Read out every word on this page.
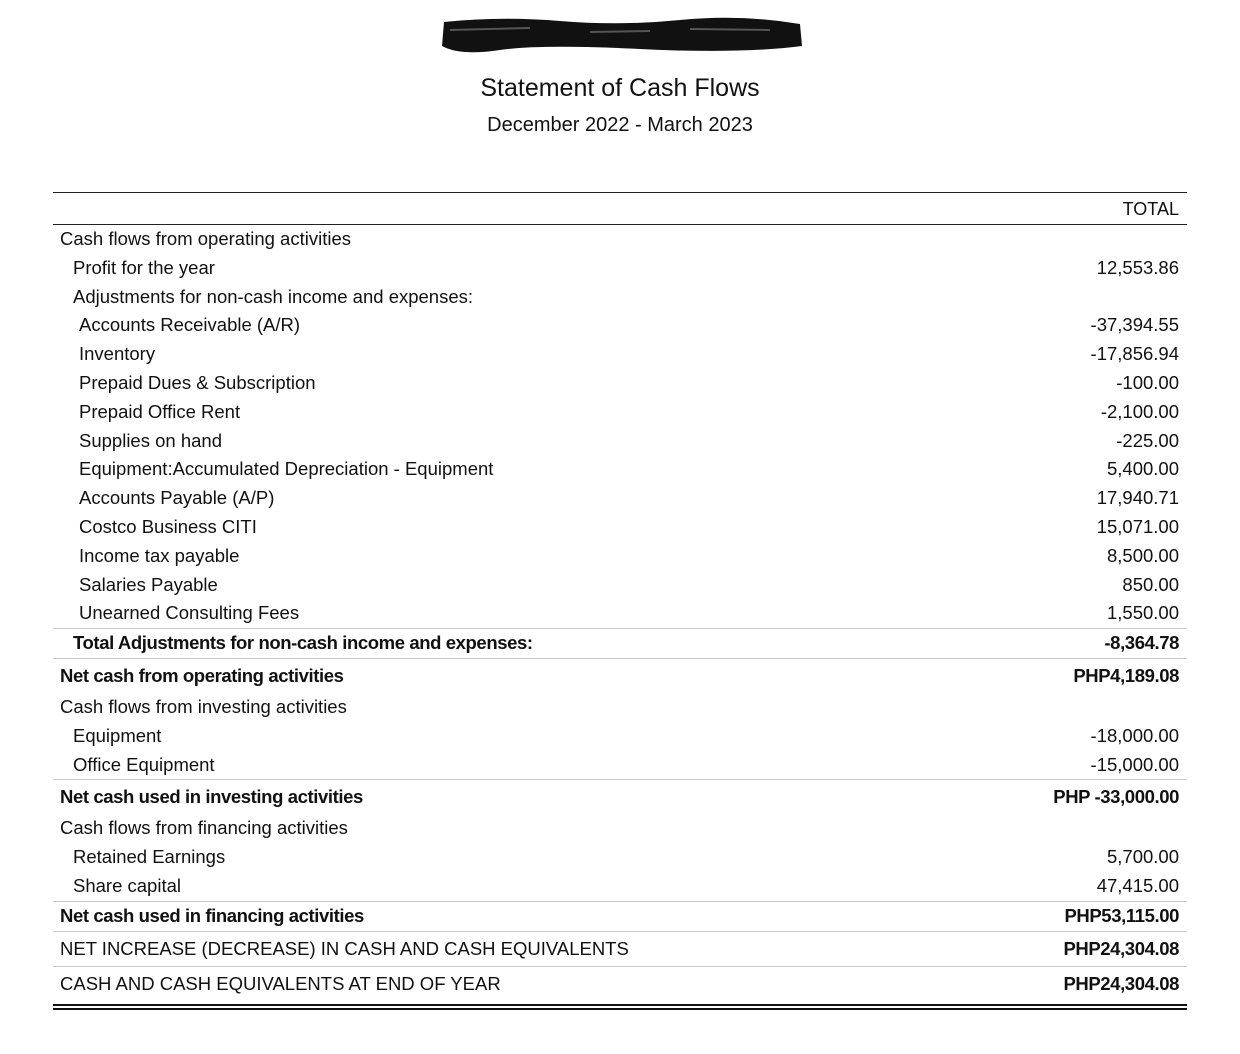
Statement of Cash Flows
December 2022 - March 2023
TOTAL
Cash flows from operating activities
Profit for the year	12,553.86
Adjustments for non-cash income and expenses:
Accounts Receivable (A/R)	-37,394.55
Inventory	-17,856.94
Prepaid Dues & Subscription	-100.00
Prepaid Office Rent	-2,100.00
Supplies on hand	-225.00
Equipment:Accumulated Depreciation - Equipment	5,400.00
Accounts Payable (A/P)	17,940.71
Costco Business CITI	15,071.00
Income tax payable	8,500.00
Salaries Payable	850.00
Unearned Consulting Fees	1,550.00
Total Adjustments for non-cash income and expenses:	-8,364.78
Net cash from operating activities	PHP4,189.08
Cash flows from investing activities
Equipment	-18,000.00
Office Equipment	-15,000.00
Net cash used in investing activities	PHP -33,000.00
Cash flows from financing activities
Retained Earnings	5,700.00
Share capital	47,415.00
Net cash used in financing activities	PHP53,115.00
NET INCREASE (DECREASE) IN CASH AND CASH EQUIVALENTS	PHP24,304.08
CASH AND CASH EQUIVALENTS AT END OF YEAR	PHP24,304.08
